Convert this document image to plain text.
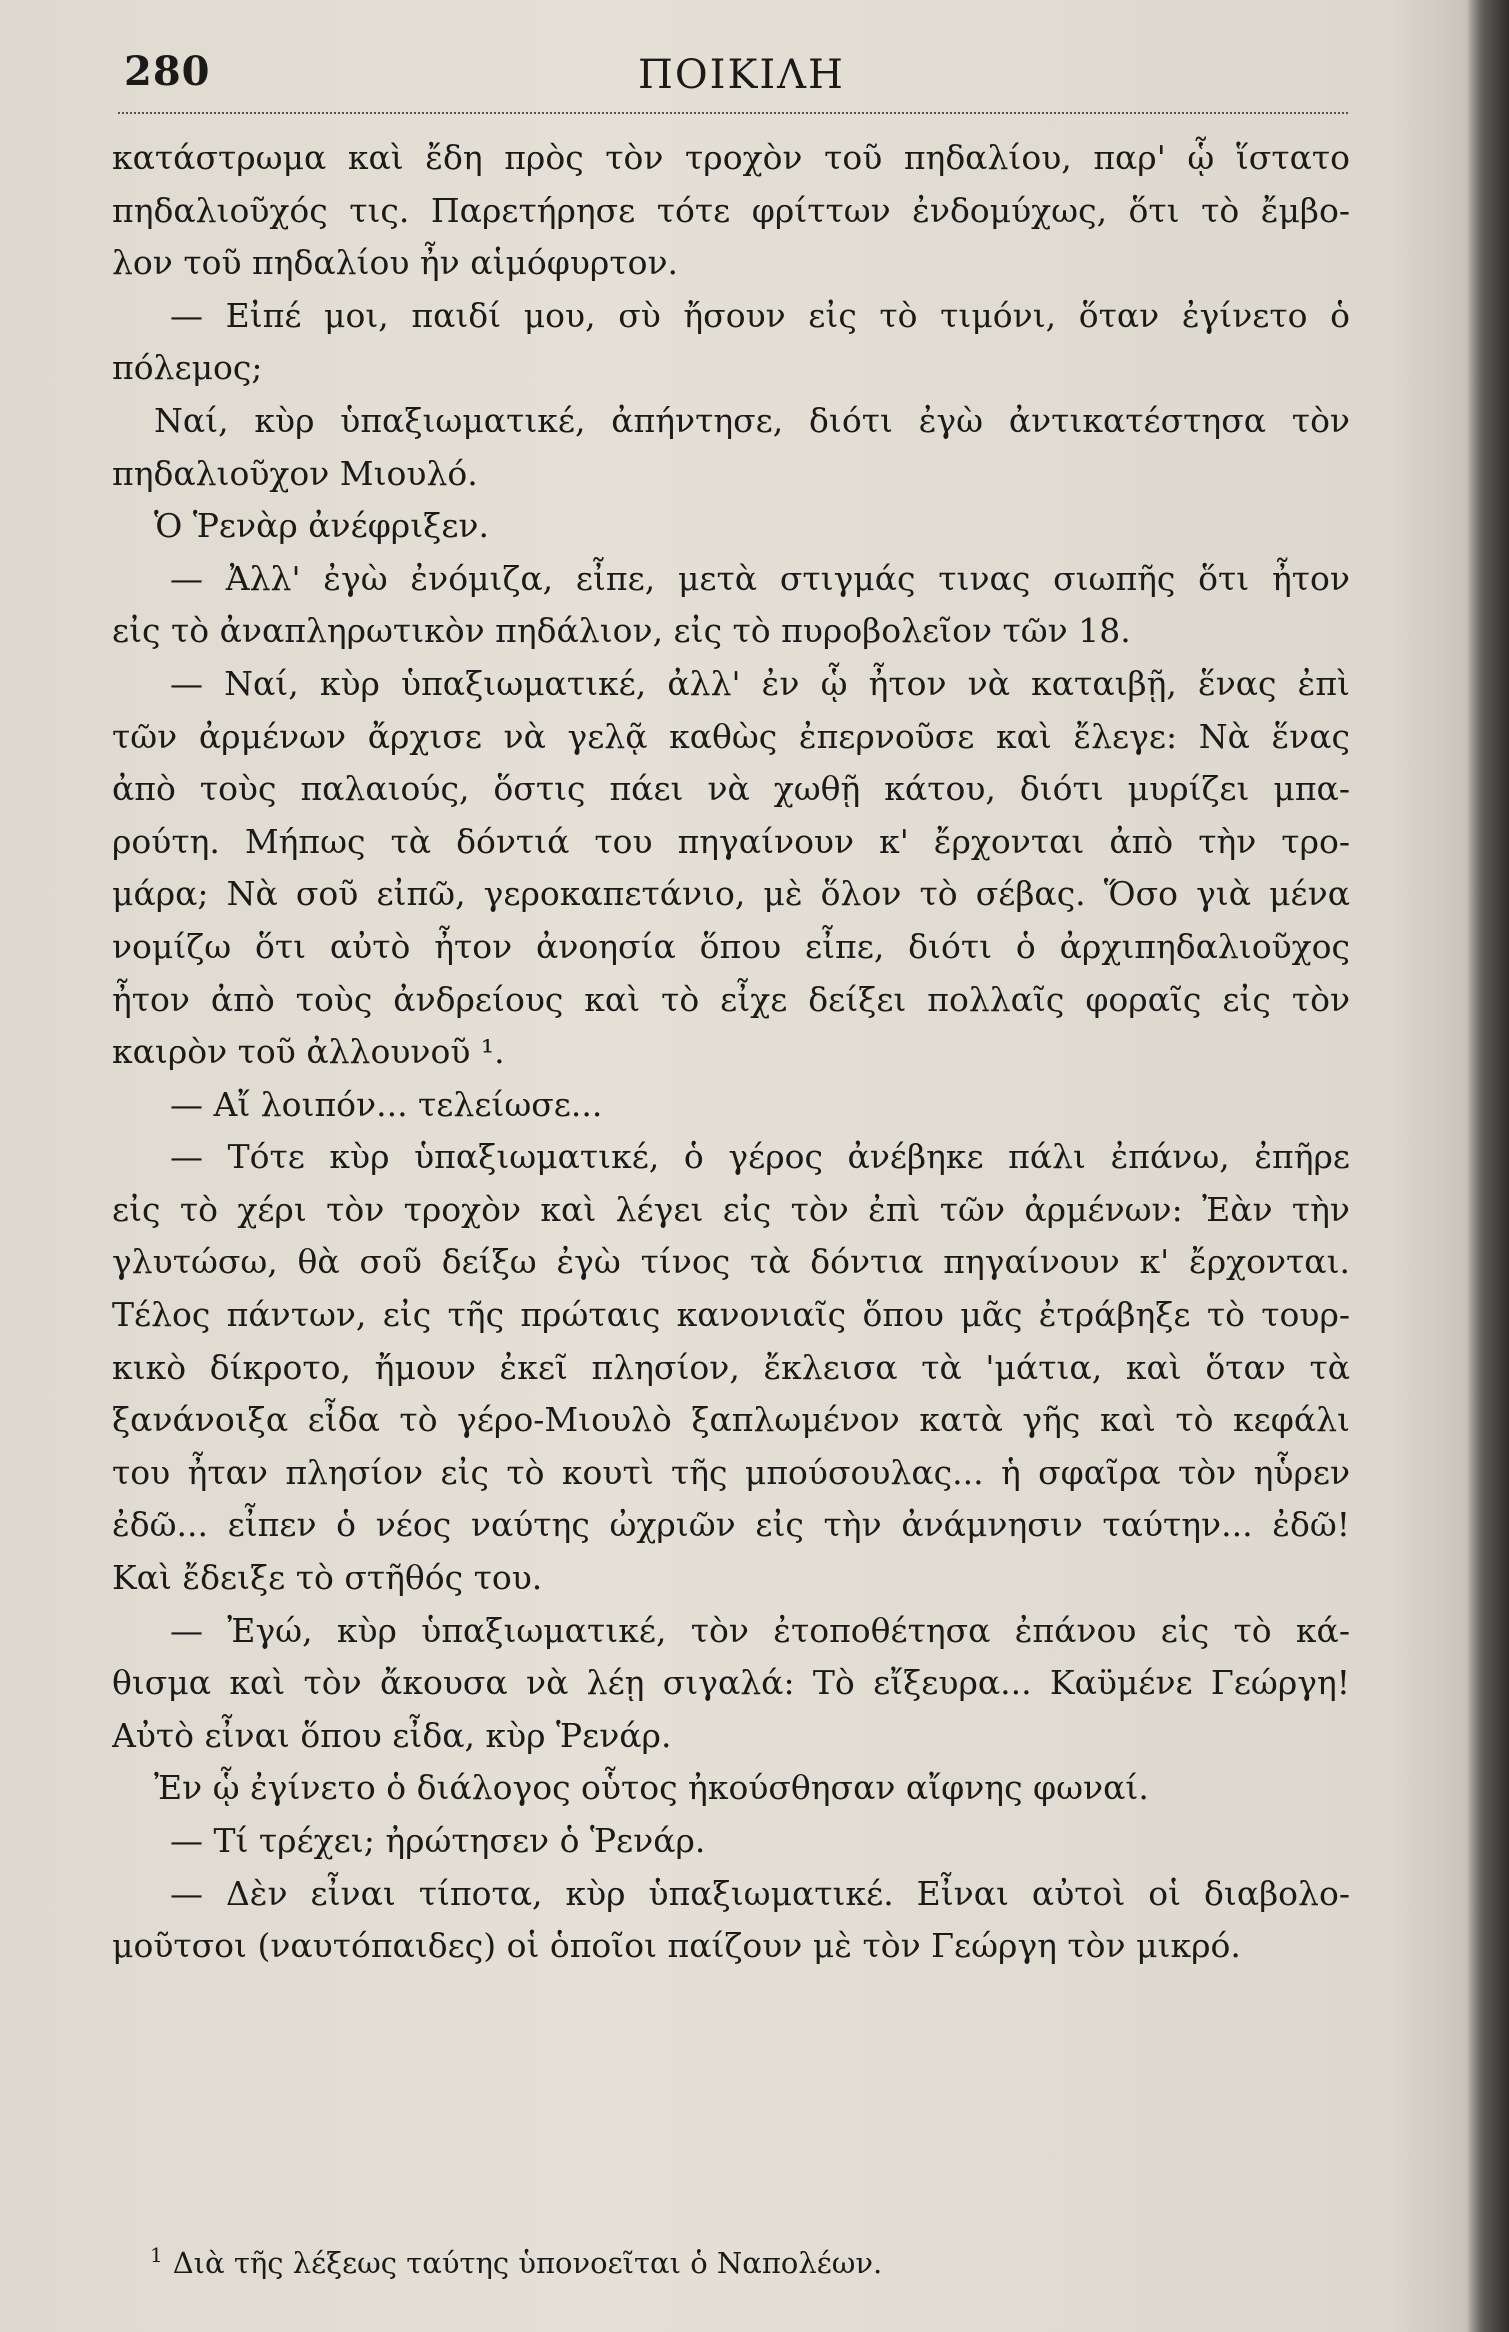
280	ΠΟΙΚΙΛΗ
κατάστρωμα καὶ ἔδη πρὸς τὸν τροχὸν τοῦ πηδαλίου, παρ' ᾧ ἵστατο
πηδαλιοῦχός τις. Παρετήρησε τότε φρίττων ἐνδομύχως, ὅτι τὸ ἔμβο-
λον τοῦ πηδαλίου ἦν αἱμόφυρτον.
— Εἰπέ μοι, παιδί μου, σὺ ἤσουν εἰς τὸ τιμόνι, ὅταν ἐγίνετο ὁ
πόλεμος;
Ναί, κὺρ ὑπαξιωματικέ, ἀπήντησε, διότι ἐγὼ ἀντικατέστησα τὸν
πηδαλιοῦχον Μιουλό.
Ὁ Ῥενὰρ ἀνέφριξεν.
— Ἀλλ' ἐγὼ ἐνόμιζα, εἶπε, μετὰ στιγμάς τινας σιωπῆς ὅτι ἦτον
εἰς τὸ ἀναπληρωτικὸν πηδάλιον, εἰς τὸ πυροβολεῖον τῶν 18.
— Ναί, κὺρ ὑπαξιωματικέ, ἀλλ' ἐν ᾧ ἦτον νὰ καταιβῇ, ἕνας ἐπὶ
τῶν ἀρμένων ἄρχισε νὰ γελᾷ καθὼς ἐπερνοῦσε καὶ ἔλεγε: Νὰ ἕνας
ἀπὸ τοὺς παλαιούς, ὅστις πάει νὰ χωθῇ κάτου, διότι μυρίζει μπα-
ρούτη. Μήπως τὰ δόντιά του πηγαίνουν κ' ἔρχονται ἀπὸ τὴν τρο-
μάρα; Νὰ σοῦ εἰπῶ, γεροκαπετάνιο, μὲ ὅλον τὸ σέβας. Ὅσο γιὰ μένα
νομίζω ὅτι αὐτὸ ἦτον ἀνοησία ὅπου εἶπε, διότι ὁ ἀρχιπηδαλιοῦχος
ἦτον ἀπὸ τοὺς ἀνδρείους καὶ τὸ εἶχε δείξει πολλαῖς φοραῖς εἰς τὸν
καιρὸν τοῦ ἀλλουνοῦ ¹.
— Αἴ λοιπόν... τελείωσε...
— Τότε κὺρ ὑπαξιωματικέ, ὁ γέρος ἀνέβηκε πάλι ἐπάνω, ἐπῆρε
εἰς τὸ χέρι τὸν τροχὸν καὶ λέγει εἰς τὸν ἐπὶ τῶν ἀρμένων: Ἐὰν τὴν
γλυτώσω, θὰ σοῦ δείξω ἐγὼ τίνος τὰ δόντια πηγαίνουν κ' ἔρχονται.
Τέλος πάντων, εἰς τῆς πρώταις κανονιαῖς ὅπου μᾶς ἐτράβηξε τὸ τουρ-
κικὸ δίκροτο, ἤμουν ἐκεῖ πλησίον, ἔκλεισα τὰ 'μάτια, καὶ ὅταν τὰ
ξανάνοιξα εἶδα τὸ γέρο-Μιουλὸ ξαπλωμένον κατὰ γῆς καὶ τὸ κεφάλι
του ἦταν πλησίον εἰς τὸ κουτὶ τῆς μπούσουλας... ἡ σφαῖρα τὸν ηὗρεν
ἐδῶ... εἶπεν ὁ νέος ναύτης ὠχριῶν εἰς τὴν ἀνάμνησιν ταύτην... ἐδῶ!
Καὶ ἔδειξε τὸ στῆθός του.
— Ἐγώ, κὺρ ὑπαξιωματικέ, τὸν ἐτοποθέτησα ἐπάνου εἰς τὸ κά-
θισμα καὶ τὸν ἄκουσα νὰ λέῃ σιγαλά: Τὸ εἴξευρα... Καϋμένε Γεώργη!
Αὐτὸ εἶναι ὅπου εἶδα, κὺρ Ῥενάρ.
Ἐν ᾧ ἐγίνετο ὁ διάλογος οὗτος ἠκούσθησαν αἴφνης φωναί.
— Τί τρέχει; ἠρώτησεν ὁ Ῥενάρ.
— Δὲν εἶναι τίποτα, κὺρ ὑπαξιωματικέ. Εἶναι αὐτοὶ οἱ διαβολο-
μοῦτσοι (ναυτόπαιδες) οἱ ὁποῖοι παίζουν μὲ τὸν Γεώργη τὸν μικρό.
$^1$ Διὰ τῆς λέξεως ταύτης ὑπονοεῖται ὁ Ναπολέων.
